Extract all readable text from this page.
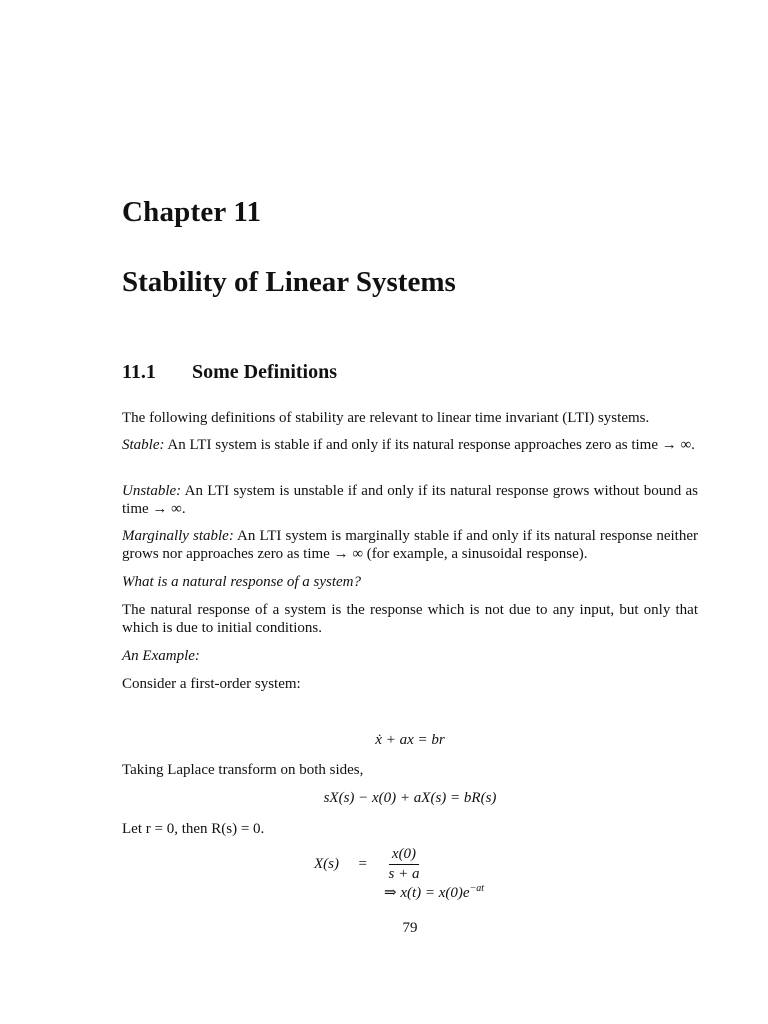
Chapter 11
Stability of Linear Systems
11.1 Some Definitions
The following definitions of stability are relevant to linear time invariant (LTI) systems.
Stable: An LTI system is stable if and only if its natural response approaches zero as time → ∞.
Unstable: An LTI system is unstable if and only if its natural response grows without bound as time → ∞.
Marginally stable: An LTI system is marginally stable if and only if its natural response neither grows nor approaches zero as time → ∞ (for example, a sinusoidal response).
What is a natural response of a system?
The natural response of a system is the response which is not due to any input, but only that which is due to initial conditions.
An Example:
Consider a first-order system:
ẋ + ax = br
Taking Laplace transform on both sides,
sX(s) − x(0) + aX(s) = bR(s)
Let r = 0, then R(s) = 0.
$X(s) = \frac{x(0)}{s + a}$
⇒ $x(t) = x(0)e^{-at}$
79
